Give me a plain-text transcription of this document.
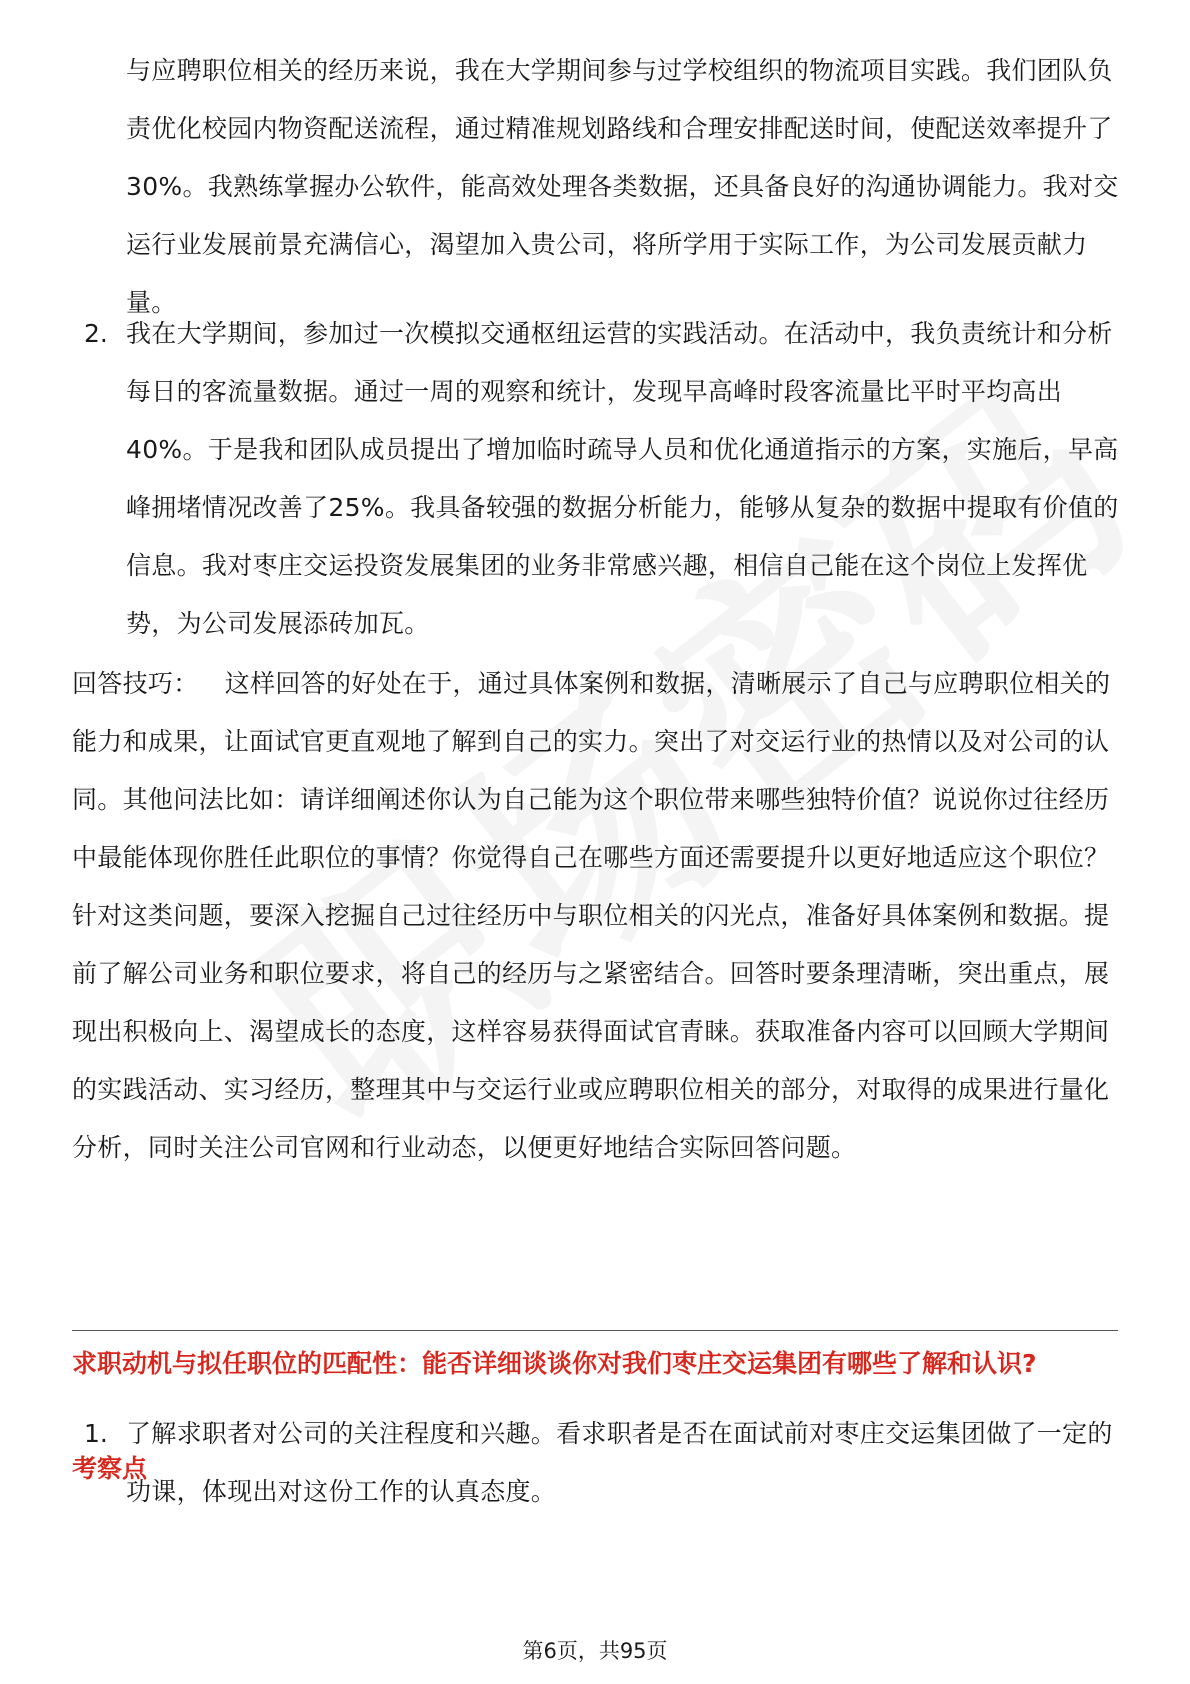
与应聘职位相关的经历来说，我在大学期间参与过学校组织的物流项目实践。我们团队负责优化校园内物资配送流程，通过精准规划路线和合理安排配送时间，使配送效率提升了30%。我熟练掌握办公软件，能高效处理各类数据，还具备良好的沟通协调能力。我对交运行业发展前景充满信心，渴望加入贵公司，将所学用于实际工作，为公司发展贡献力量。
2. 我在大学期间，参加过一次模拟交通枢纽运营的实践活动。在活动中，我负责统计和分析每日的客流量数据。通过一周的观察和统计，发现早高峰时段客流量比平时平均高出40%。于是我和团队成员提出了增加临时疏导人员和优化通道指示的方案，实施后，早高峰拥堵情况改善了25%。我具备较强的数据分析能力，能够从复杂的数据中提取有价值的信息。我对枣庄交运投资发展集团的业务非常感兴趣，相信自己能在这个岗位上发挥优势，为公司发展添砖加瓦。
回答技巧： 这样回答的好处在于，通过具体案例和数据，清晰展示了自己与应聘职位相关的能力和成果，让面试官更直观地了解到自己的实力。突出了对交运行业的热情以及对公司的认同。其他问法比如：请详细阐述你认为自己能为这个职位带来哪些独特价值？说说你过往经历中最能体现你胜任此职位的事情？你觉得自己在哪些方面还需要提升以更好地适应这个职位？针对这类问题，要深入挖掘自己过往经历中与职位相关的闪光点，准备好具体案例和数据。提前了解公司业务和职位要求，将自己的经历与之紧密结合。回答时要条理清晰，突出重点，展现出积极向上、渴望成长的态度，这样容易获得面试官青睐。获取准备内容可以回顾大学期间的实践活动、实习经历，整理其中与交运行业或应聘职位相关的部分，对取得的成果进行量化分析，同时关注公司官网和行业动态，以便更好地结合实际回答问题。
求职动机与拟任职位的匹配性：能否详细谈谈你对我们枣庄交运集团有哪些了解和认识?
考察点
1. 了解求职者对公司的关注程度和兴趣。看求职者是否在面试前对枣庄交运集团做了一定的功课，体现出对这份工作的认真态度。
第6页，共95页
